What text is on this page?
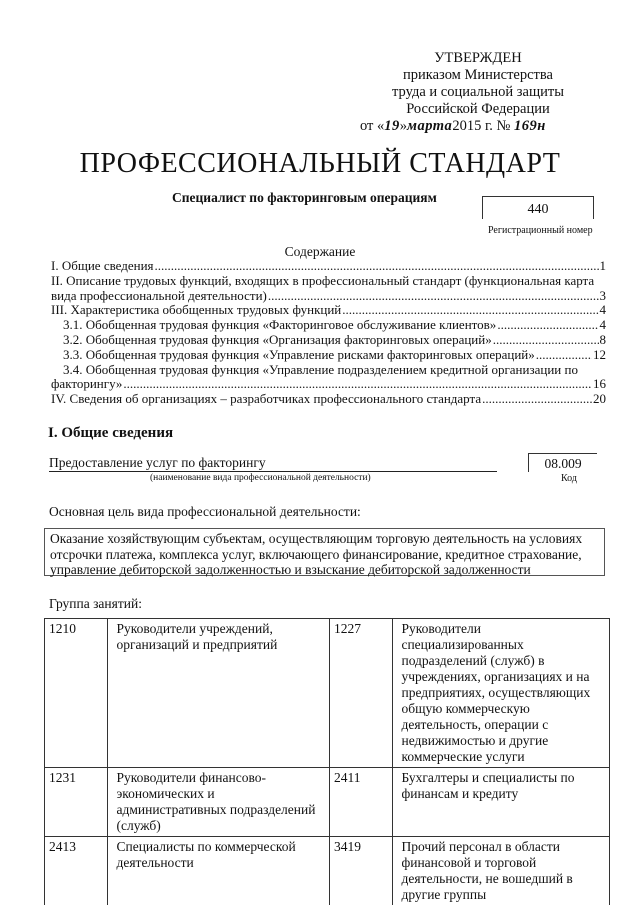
УТВЕРЖДЕН
приказом Министерства
труда и социальной защиты
Российской Федерации
от «19»марта2015 г. № 169н
ПРОФЕССИОНАЛЬНЫЙ СТАНДАРТ
Специалист по факторинговым операциям
440
Регистрационный номер
Содержание
I. Общие сведения .....	1
II. Описание трудовых функций, входящих в профессиональный стандарт (функциональная карта
вида профессиональной деятельности) .....	3
III. Характеристика обобщенных трудовых функций .....	4
3.1. Обобщенная трудовая функция «Факторинговое обслуживание клиентов» .....	4
3.2. Обобщенная трудовая функция «Организация факторинговых операций» .....	8
3.3. Обобщенная трудовая функция «Управление рисками факторинговых операций» .....	12
3.4. Обобщенная трудовая функция «Управление подразделением кредитной организации по
факторингу» .....	16
IV. Сведения об организациях – разработчиках профессионального стандарта .....	20
I. Общие сведения
Предоставление услуг по факторингу
(наименование вида профессиональной деятельности)
08.009
Код
Основная цель вида профессиональной деятельности:
Оказание хозяйствующим субъектам, осуществляющим торговую деятельность на условиях отсрочки платежа, комплекса услуг, включающего финансирование, кредитное страхование, управление дебиторской задолженностью и взыскание дебиторской задолженности
Группа занятий:
1210	Руководители учреждений, организаций и предприятий	1227	Руководители специализированных подразделений (служб) в учреждениях, организациях и на предприятиях, осуществляющих общую коммерческую деятельность, операции с недвижимостью и другие коммерческие услуги
1231	Руководители финансово-экономических и административных подразделений (служб)	2411	Бухгалтеры и специалисты по финансам и кредиту
2413	Специалисты по коммерческой деятельности	3419	Прочий персонал в области финансовой и торговой деятельности, не вошедший в другие группы
